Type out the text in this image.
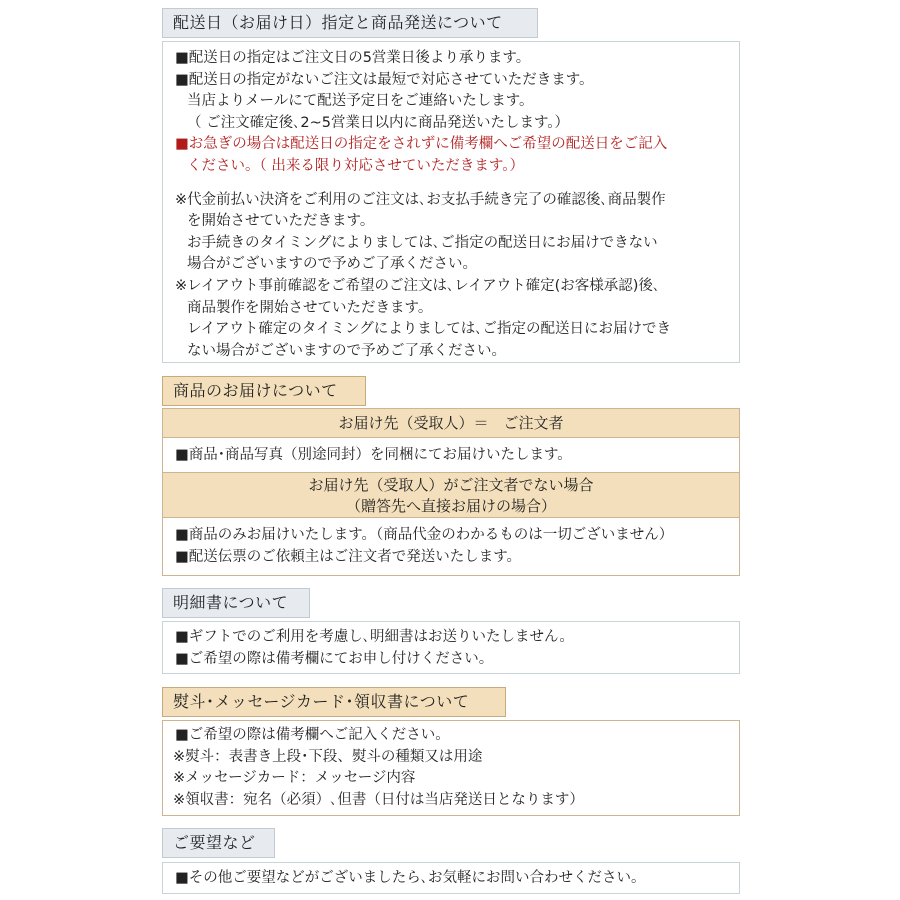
配送日（お届け日）指定と商品発送について
■配送日の指定はご注文日の5営業日後より承ります。
■配送日の指定がないご注文は最短で対応させていただきます。
当店よりメールにて配送予定日をご連絡いたします。
（ ご注文確定後､2~5営業日以内に商品発送いたします。）
■お急ぎの場合は配送日の指定をされずに備考欄へご希望の配送日をご記入
ください。（ 出来る限り対応させていただきます。）
※代金前払い決済をご利用のご注文は､お支払手続き完了の確認後､商品製作
を開始させていただきます。
お手続きのタイミングによりましては､ご指定の配送日にお届けできない
場合がございますので予めご了承ください。
※レイアウト事前確認をご希望のご注文は､レイアウト確定(お客様承認)後､
商品製作を開始させていただきます。
レイアウト確定のタイミングによりましては､ご指定の配送日にお届けでき
ない場合がございますので予めご了承ください。
商品のお届けについて
お届け先（受取人）＝　ご注文者
■商品･商品写真（別途同封）を同梱にてお届けいたします。
お届け先（受取人）がご注文者でない場合
（贈答先へ直接お届けの場合）
■商品のみお届けいたします。（商品代金のわかるものは一切ございません）
■配送伝票のご依頼主はご注文者で発送いたします。
明細書について
■ギフトでのご利用を考慮し､明細書はお送りいたしません。
■ご希望の際は備考欄にてお申し付けください。
熨斗･メッセージカード･領収書について
■ご希望の際は備考欄へご記入ください。
※熨斗：表書き上段･下段、熨斗の種類又は用途
※メッセージカード：メッセージ内容
※領収書：宛名（必須）､但書（日付は当店発送日となります）
ご要望など
■その他ご要望などがございましたら､お気軽にお問い合わせください。
